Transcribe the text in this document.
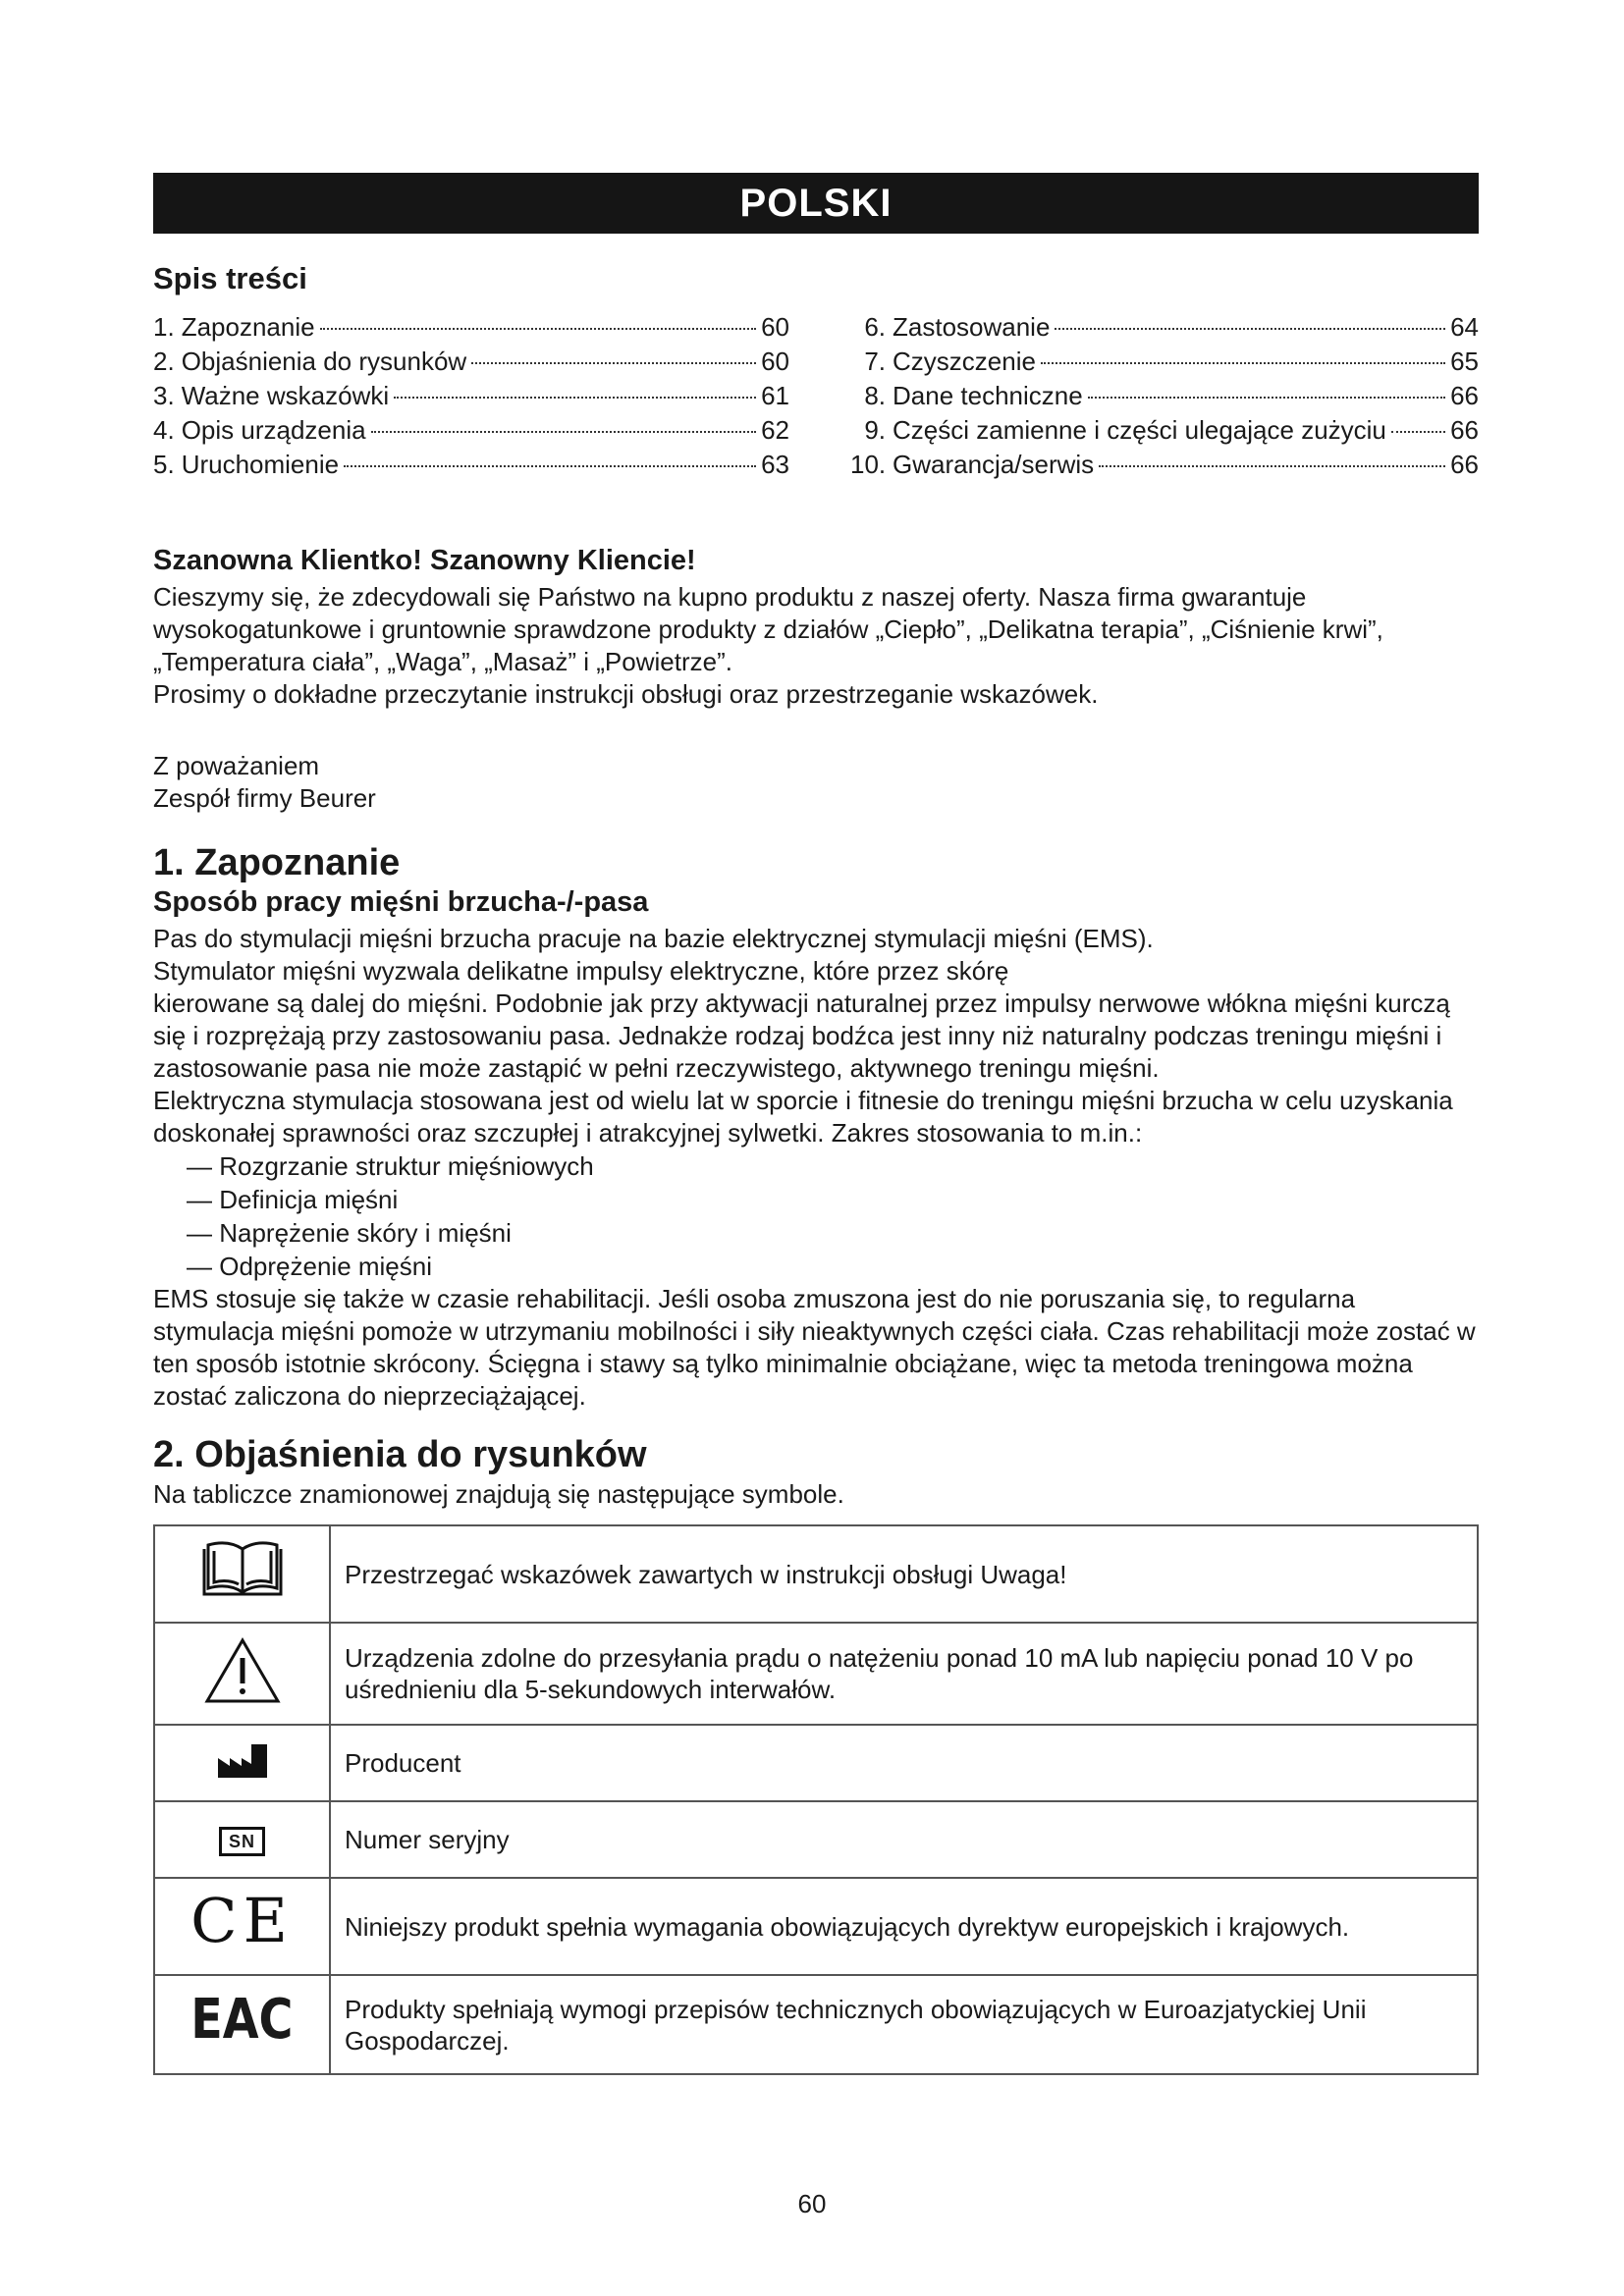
POLSKI
Spis treści
1. Zapoznanie	60
2. Objaśnienia do rysunków	60
3. Ważne wskazówki	61
4. Opis urządzenia	62
5. Uruchomienie	63
6. Zastosowanie	64
7. Czyszczenie	65
8. Dane techniczne	66
9. Części zamienne i części ulegające zużyciu	66
10. Gwarancja/serwis	66
Szanowna Klientko! Szanowny Kliencie!

Cieszymy się, że zdecydowali się Państwo na kupno produktu z naszej oferty. Nasza firma gwarantuje wysokogatunkowe i gruntownie sprawdzone produkty z działów „Ciepło”, „Delikatna terapia”, „Ciśnienie krwi”, „Temperatura ciała”, „Waga”, „Masaż” i „Powietrze”.

Prosimy o dokładne przeczytanie instrukcji obsługi oraz przestrzeganie wskazówek.

Z poważaniem

Zespół firmy Beurer

1. Zapoznanie
Sposób pracy mięśni brzucha-/-pasa

Pas do stymulacji mięśni brzucha pracuje na bazie elektrycznej stymulacji mięśni (EMS).

Stymulator mięśni wyzwala delikatne impulsy elektryczne, które przez skórę

kierowane są dalej do mięśni. Podobnie jak przy aktywacji naturalnej przez impulsy nerwowe włókna mięśni kurczą się i rozprężają przy zastosowaniu pasa. Jednakże rodzaj bodźca jest inny niż naturalny podczas treningu mięśni i zastosowanie pasa nie może zastąpić w pełni rzeczywistego, aktywnego treningu mięśni.

Elektryczna stymulacja stosowana jest od wielu lat w sporcie i fitnesie do treningu mięśni brzucha w celu uzyskania doskonałej sprawności oraz szczupłej i atrakcyjnej sylwetki. Zakres stosowania to m.in.:

— Rozgrzanie struktur mięśniowych
— Definicja mięśni
— Naprężenie skóry i mięśni
— Odprężenie mięśni

EMS stosuje się także w czasie rehabilitacji. Jeśli osoba zmuszona jest do nie poruszania się, to regularna stymulacja mięśni pomoże w utrzymaniu mobilności i siły nieaktywnych części ciała. Czas rehabilitacji może zostać w ten sposób istotnie skrócony. Ścięgna i stawy są tylko minimalnie obciążane, więc ta metoda treningowa można zostać zaliczona do nieprzeciążającej.

2. Objaśnienia do rysunków

Na tabliczce znamionowej znajdują się następujące symbole.

	Przestrzegać wskazówek zawartych w instrukcji obsługi Uwaga!
	Urządzenia zdolne do przesyłania prądu o natężeniu ponad 10 mA lub napięciu ponad 10 V po uśrednieniu dla 5-sekundowych interwałów.
	Producent
SN	Numer seryjny
CE	Niniejszy produkt spełnia wymagania obowiązujących dyrektyw europejskich i krajowych.
EAC	Produkty spełniają wymogi przepisów technicznych obowiązujących w Euroazjatyckiej Unii Gospodarczej.
60
